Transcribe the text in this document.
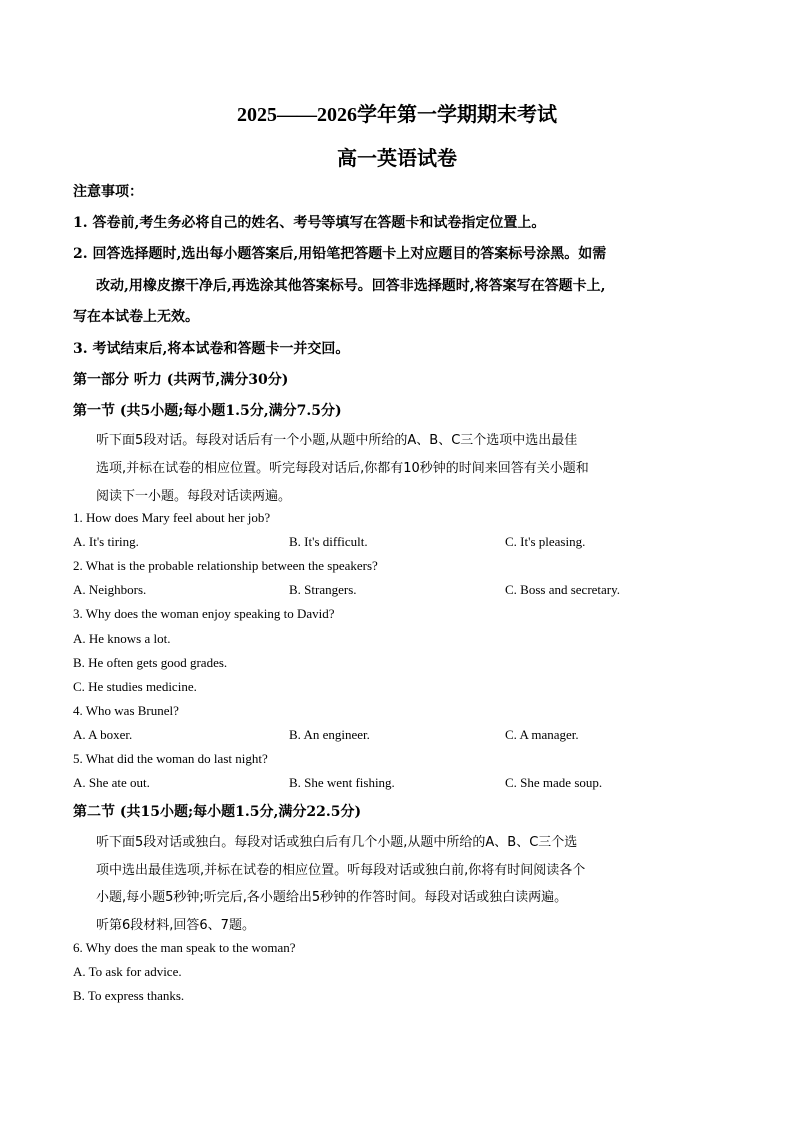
2025——2026学年第一学期期末考试
高一英语试卷
注意事项：
1. 答卷前,考生务必将自己的姓名、考号等填写在答题卡和试卷指定位置上。
2. 回答选择题时,选出每小题答案后,用铅笔把答题卡上对应题目的答案标号涂黑。如需
改动,用橡皮擦干净后,再选涂其他答案标号。回答非选择题时,将答案写在答题卡上,
写在本试卷上无效。
3. 考试结束后,将本试卷和答题卡一并交回。
第一部分 听力 (共两节,满分30分)
第一节 (共5小题;每小题1.5分,满分7.5分)
听下面5段对话。每段对话后有一个小题,从题中所给的A、B、C三个选项中选出最佳
选项,并标在试卷的相应位置。听完每段对话后,你都有10秒钟的时间来回答有关小题和
阅读下一小题。每段对话读两遍。
1. How does Mary feel about her job?
A. It's tiring.	B. It's difficult.	C. It's pleasing.
2. What is the probable relationship between the speakers?
A. Neighbors.	B. Strangers.	C. Boss and secretary.
3. Why does the woman enjoy speaking to David?
A. He knows a lot.
B. He often gets good grades.
C. He studies medicine.
4. Who was Brunel?
A. A boxer.	B. An engineer.	C. A manager.
5. What did the woman do last night?
A. She ate out.	B. She went fishing.	C. She made soup.
第二节 (共15小题;每小题1.5分,满分22.5分)
听下面5段对话或独白。每段对话或独白后有几个小题,从题中所给的A、B、C三个选
项中选出最佳选项,并标在试卷的相应位置。听每段对话或独白前,你将有时间阅读各个
小题,每小题5秒钟;听完后,各小题给出5秒钟的作答时间。每段对话或独白读两遍。
听第6段材料,回答6、7题。
6. Why does the man speak to the woman?
A. To ask for advice.
B. To express thanks.
